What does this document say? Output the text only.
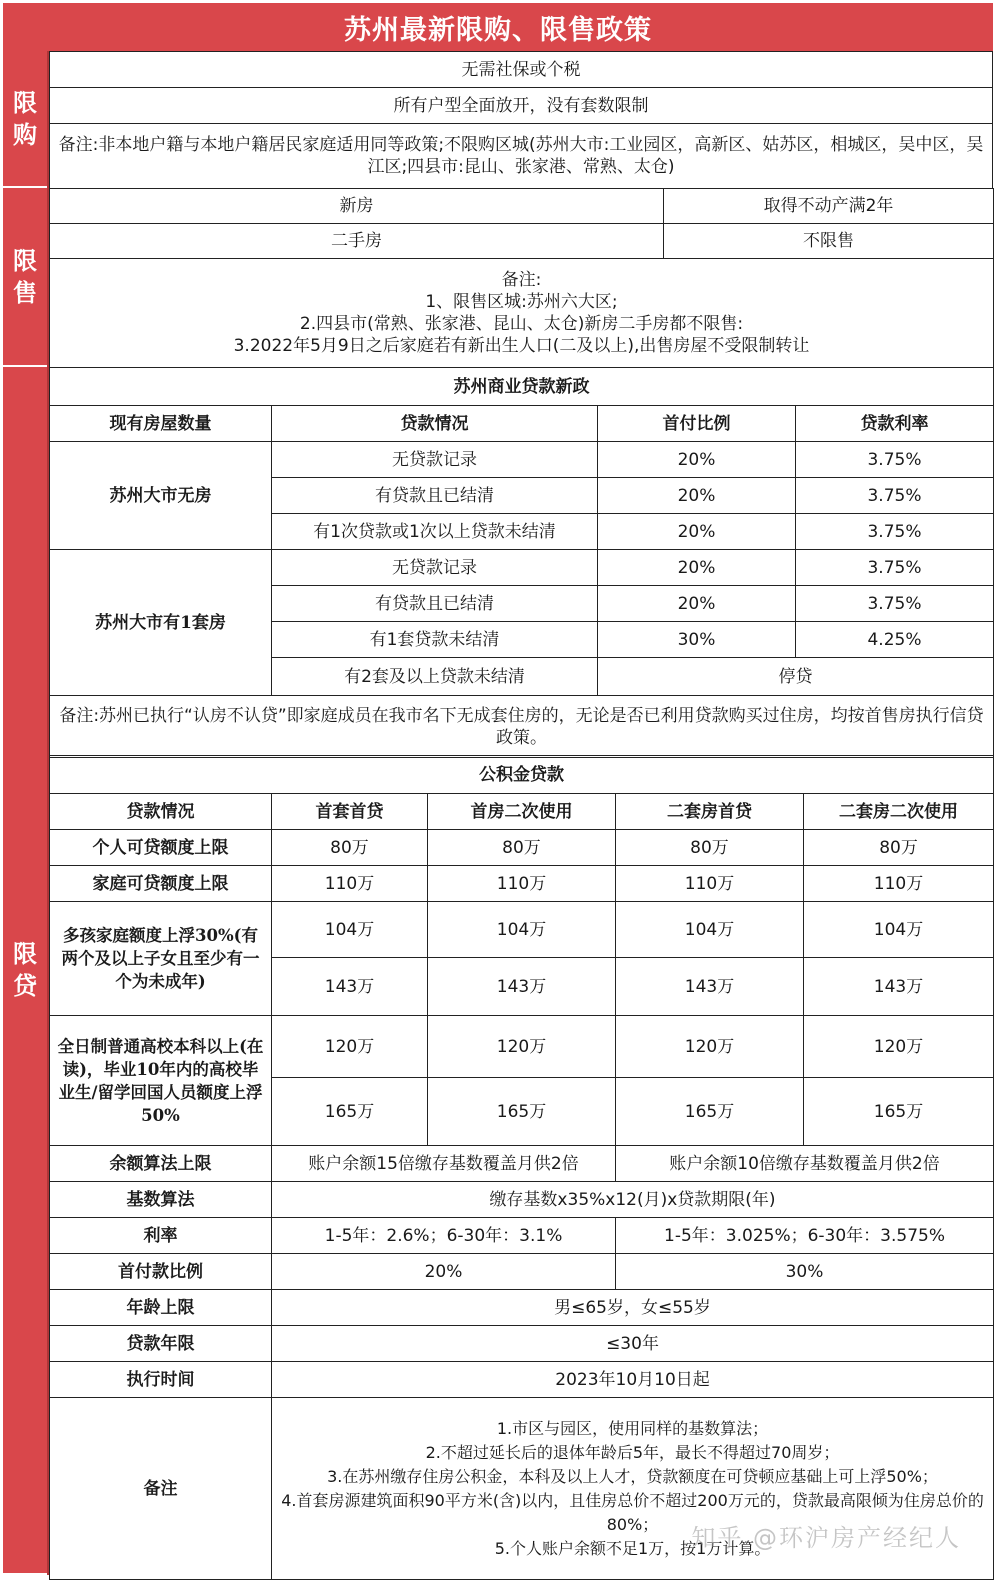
苏州最新限购、限售政策
限
购
限
售
限
贷
无需社保或个税
所有户型全面放开，没有套数限制
备注:非本地户籍与本地户籍居民家庭适用同等政策;不限购区城(苏州大市:工业园区，高新区、姑苏区，相城区，吴中区，吴江区;四县市:昆山、张家港、常熟、太仓)
新房	取得不动产满2年
二手房	不限售
备注:
1、限售区城:苏州六大区;
2.四县市(常熟、张家港、昆山、太仓)新房二手房都不限售:
3.2022年5月9日之后家庭若有新出生人口(二及以上),出售房屋不受限制转让	
苏州商业贷款新政			
现有房屋数量	贷款情况	首付比例	贷款利率
苏州大市无房	无贷款记录	20%	3.75%
	有贷款且已结清	20%	3.75%
	有1次贷款或1次以上贷款未结清	20%	3.75%
苏州大市有1套房	无贷款记录	20%	3.75%
	有贷款且已结清	20%	3.75%
	有1套贷款未结清	30%	4.25%
	有2套及以上贷款未结清	停贷	
备注:苏州已执行“认房不认贷”即家庭成员在我市名下无成套住房的，无论是否已利用贷款购买过住房，均按首售房执行信贷政策。			
公积金贷款				
贷款情况	首套首贷	首房二次使用	二套房首贷	二套房二次使用
个人可贷额度上限	80万	80万	80万	80万
家庭可贷额度上限	110万	110万	110万	110万
多孩家庭额度上浮30%(有两个及以上子女且至少有一个为未成年)	104万	104万	104万	104万
	143万	143万	143万	143万
全日制普通高校本科以上(在读)，毕业10年内的高校毕业生/留学回国人员额度上浮50%	120万	120万	120万	120万
	165万	165万	165万	165万
余额算法上限	账户余额15倍缴存基数覆盖月供2倍		账户余额10倍缴存基数覆盖月供2倍	
基数算法	缴存基数x35%x12(月)x贷款期限(年)			
利率	1-5年：2.6%；6-30年：3.1%		1-5年：3.025%；6-30年：3.575%	
首付款比例	20%		30%	
年龄上限	男≤65岁，女≤55岁			
贷款年限	≤30年			
执行时间	2023年10月10日起			
备注	1.市区与园区，使用同样的基数算法；
2.不超过延长后的退体年龄后5年，最长不得超过70周岁；
3.在苏州缴存住房公积金，本科及以上人才，贷款额度在可贷顿应基础上可上浮50%；
4.首套房源建筑面积90平方米(含)以内，且佳房总价不超过200万元的，贷款最高限倾为住房总价的80%；
5.个人账户余额不足1万，按1万计算。			
知乎 @环沪房产经纪人
